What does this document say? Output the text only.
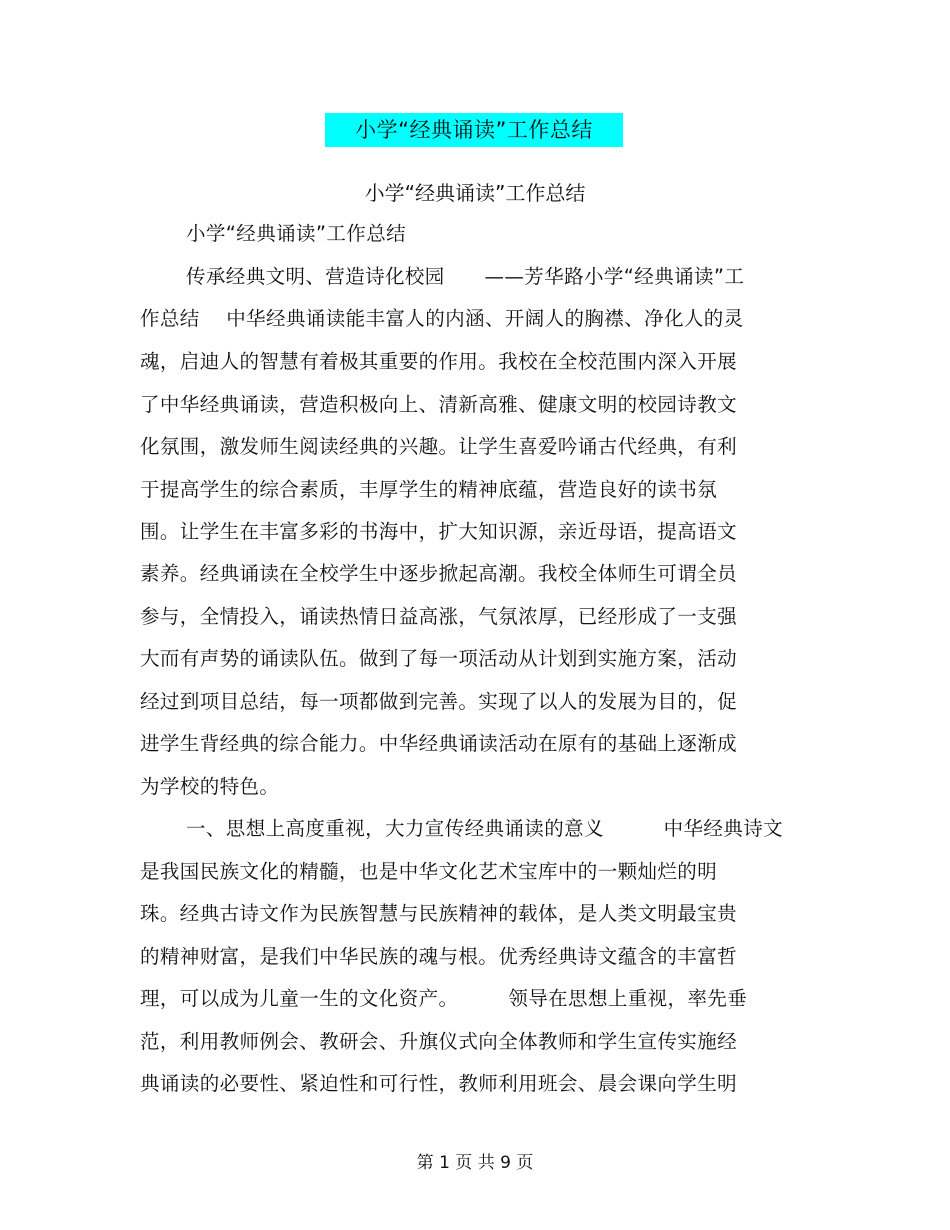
小学“经典诵读”工作总结
小学“经典诵读”工作总结
小学“经典诵读”工作总结
传承经典文明、营造诗化校园　　——芳华路小学“经典诵读”工
作总结　 中华经典诵读能丰富人的内涵、开阔人的胸襟、净化人的灵
魂，启迪人的智慧有着极其重要的作用。我校在全校范围内深入开展
了中华经典诵读，营造积极向上、清新高雅、健康文明的校园诗教文
化氛围，激发师生阅读经典的兴趣。让学生喜爱吟诵古代经典，有利
于提高学生的综合素质，丰厚学生的精神底蕴，营造良好的读书氛
围。让学生在丰富多彩的书海中，扩大知识源，亲近母语，提高语文
素养。经典诵读在全校学生中逐步掀起高潮。我校全体师生可谓全员
参与，全情投入，诵读热情日益高涨，气氛浓厚，已经形成了一支强
大而有声势的诵读队伍。做到了每一项活动从计划到实施方案，活动
经过到项目总结，每一项都做到完善。实现了以人的发展为目的，促
进学生背经典的综合能力。中华经典诵读活动在原有的基础上逐渐成
为学校的特色。
一、思想上高度重视，大力宣传经典诵读的意义　　　中华经典诗文
是我国民族文化的精髓，也是中华文化艺术宝库中的一颗灿烂的明
珠。经典古诗文作为民族智慧与民族精神的载体，是人类文明最宝贵
的精神财富，是我们中华民族的魂与根。优秀经典诗文蕴含的丰富哲
理，可以成为儿童一生的文化资产。　　　领导在思想上重视，率先垂
范，利用教师例会、教研会、升旗仪式向全体教师和学生宣传实施经
典诵读的必要性、紧迫性和可行性，教师利用班会、晨会课向学生明
第 1 页 共 9 页
